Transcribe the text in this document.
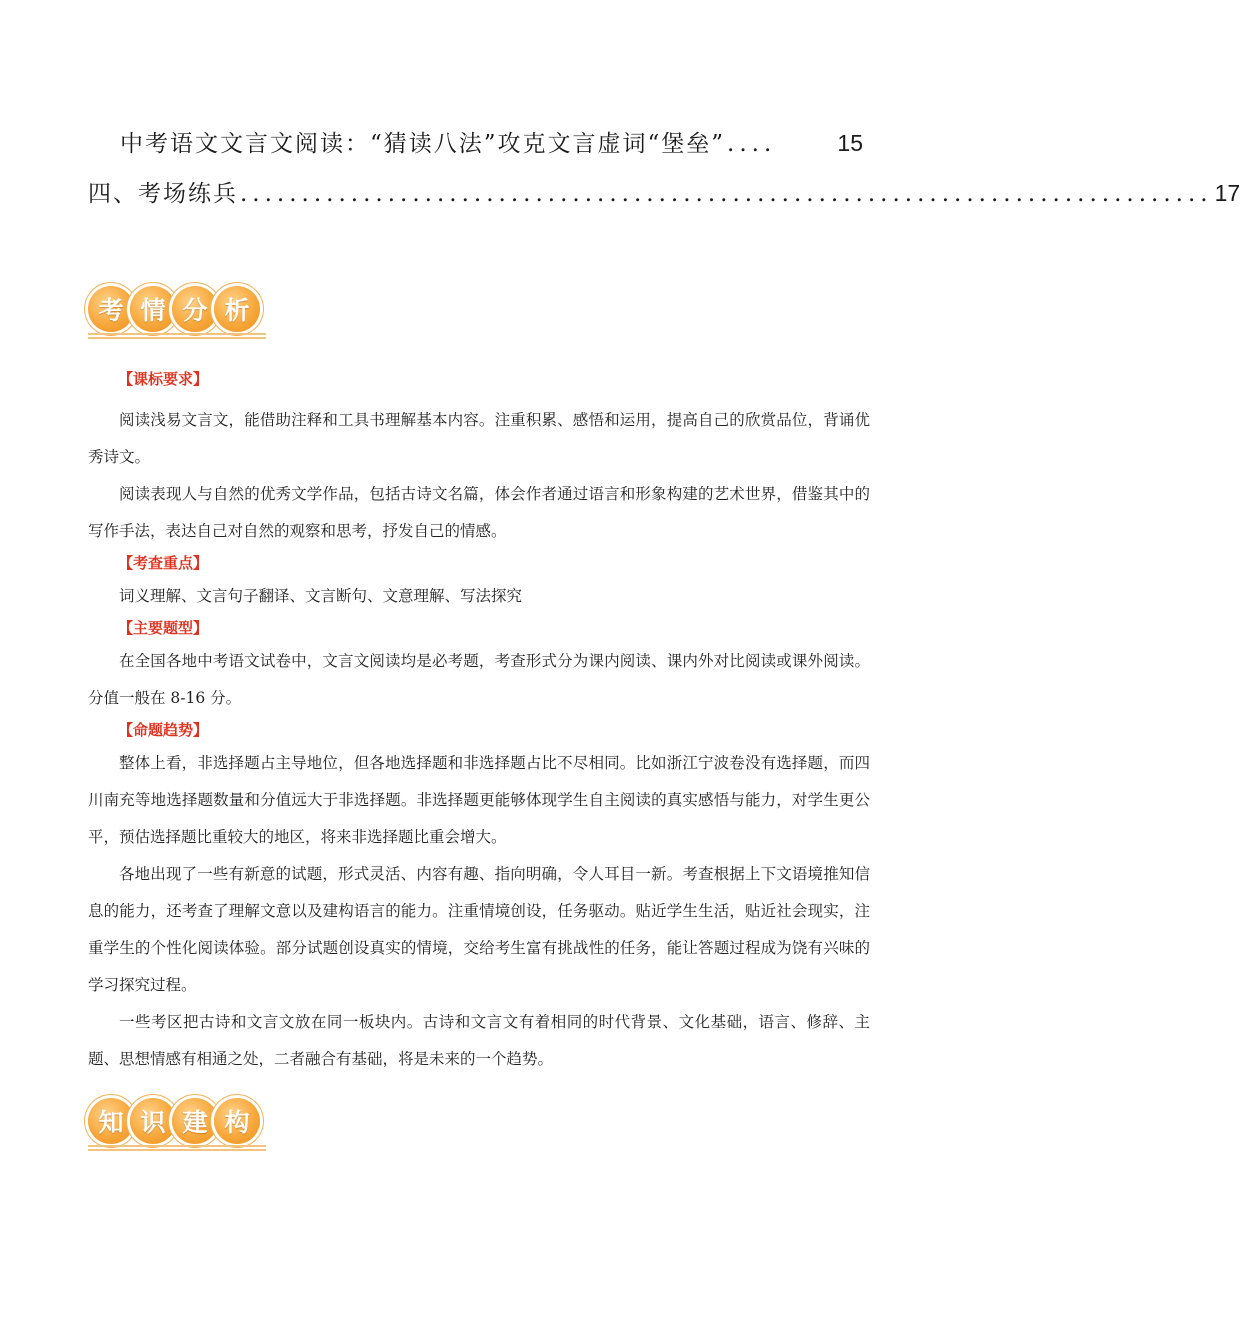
中考语文文言文阅读：“猜读八法”攻克文言虚词“堡垒” ....	15
四、考场练兵 ............................................................................... 17
考 情 分 析
【课标要求】

阅读浅易文言文，能借助注释和工具书理解基本内容。注重积累、感悟和运用，提高自己的欣赏品位，背诵优秀诗文。

阅读表现人与自然的优秀文学作品，包括古诗文名篇，体会作者通过语言和形象构建的艺术世界，借鉴其中的写作手法，表达自己对自然的观察和思考，抒发自己的情感。

【考查重点】

词义理解、文言句子翻译、文言断句、文意理解、写法探究

【主要题型】

在全国各地中考语文试卷中，文言文阅读均是必考题，考查形式分为课内阅读、课内外对比阅读或课外阅读。分值一般在 8-16 分。

【命题趋势】

整体上看，非选择题占主导地位，但各地选择题和非选择题占比不尽相同。比如浙江宁波卷没有选择题，而四川南充等地选择题数量和分值远大于非选择题。非选择题更能够体现学生自主阅读的真实感悟与能力，对学生更公平，预估选择题比重较大的地区，将来非选择题比重会增大。

各地出现了一些有新意的试题，形式灵活、内容有趣、指向明确，令人耳目一新。考查根据上下文语境推知信息的能力，还考查了理解文意以及建构语言的能力。注重情境创设，任务驱动。贴近学生生活，贴近社会现实，注重学生的个性化阅读体验。部分试题创设真实的情境，交给考生富有挑战性的任务，能让答题过程成为饶有兴味的学习探究过程。

一些考区把古诗和文言文放在同一板块内。古诗和文言文有着相同的时代背景、文化基础，语言、修辞、主题、思想情感有相通之处，二者融合有基础，将是未来的一个趋势。

知 识 建 构
